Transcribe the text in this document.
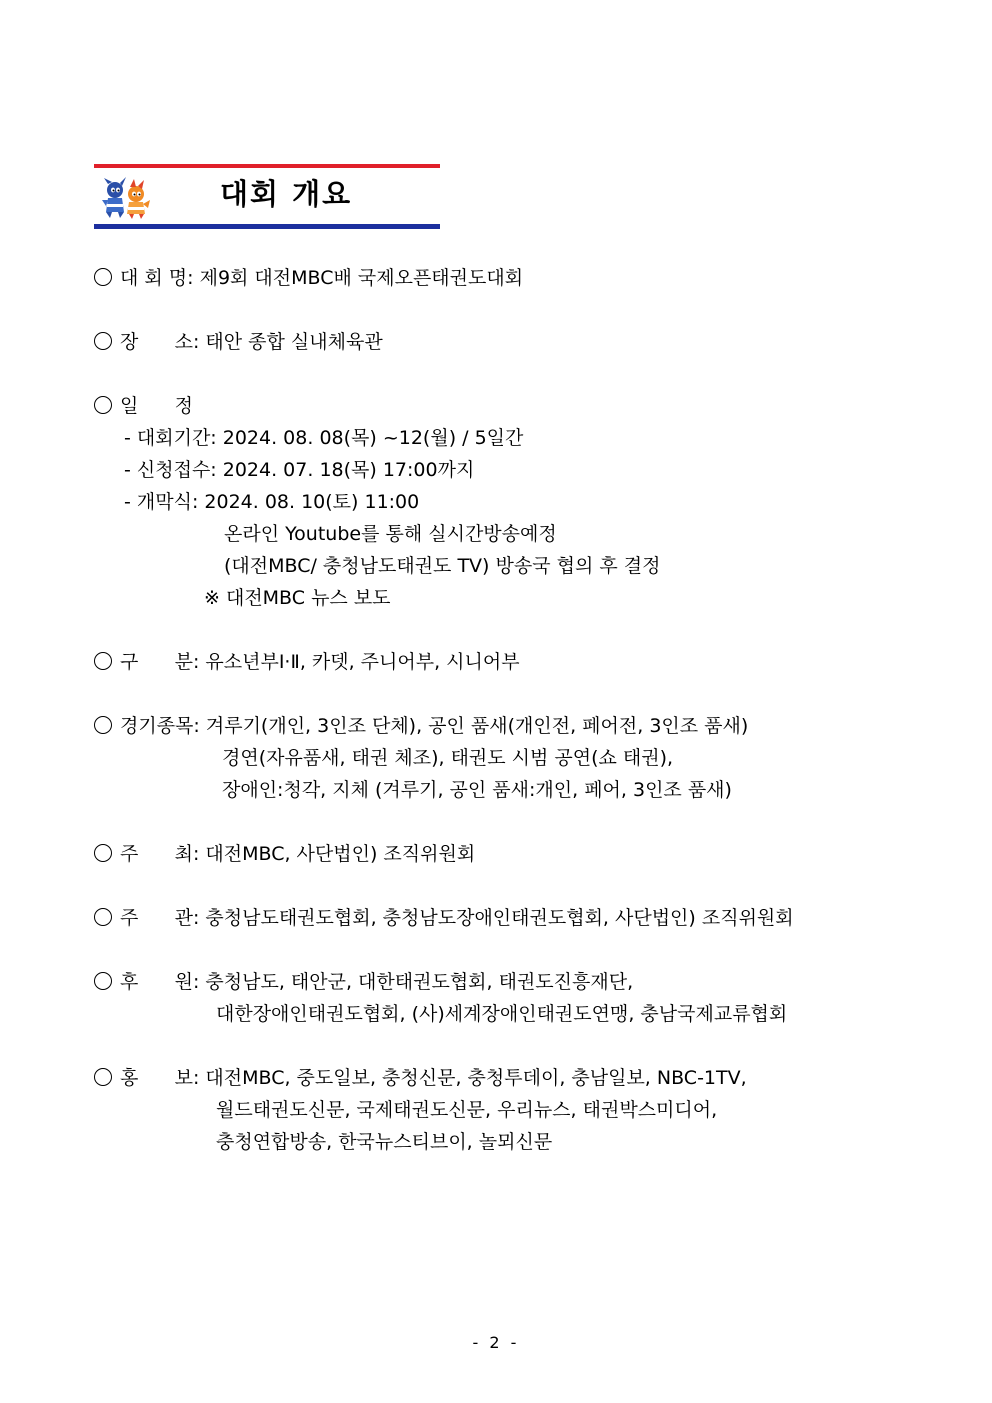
대회 개요
대 회 명: 제9회 대전MBC배 국제오픈태권도대회
장      소: 태안 종합 실내체육관
일      정
- 대회기간: 2024. 08. 08(목) ~12(월) / 5일간
- 신청접수: 2024. 07. 18(목) 17:00까지
- 개막식: 2024. 08. 10(토) 11:00
온라인 Youtube를 통해 실시간방송예정
(대전MBC/ 충청남도태권도 TV) 방송국 협의 후 결정
※ 대전MBC 뉴스 보도
구      분: 유소년부Ⅰ·Ⅱ, 카뎃, 주니어부, 시니어부
경기종목: 겨루기(개인, 3인조 단체), 공인 품새(개인전, 페어전, 3인조 품새)
경연(자유품새, 태권 체조), 태권도 시범 공연(쇼 태권),
장애인:청각, 지체 (겨루기, 공인 품새:개인, 페어, 3인조 품새)
주      최: 대전MBC, 사단법인) 조직위원회
주      관: 충청남도태권도협회, 충청남도장애인태권도협회, 사단법인) 조직위원회
후      원: 충청남도, 태안군, 대한태권도협회, 태권도진흥재단,
대한장애인태권도협회, (사)세계장애인태권도연맹, 충남국제교류협회
홍      보: 대전MBC, 중도일보, 충청신문, 충청투데이, 충남일보, NBC-1TV,
월드태권도신문, 국제태권도신문, 우리뉴스, 태권박스미디어,
충청연합방송, 한국뉴스티브이, 놀뫼신문
- 2 -
